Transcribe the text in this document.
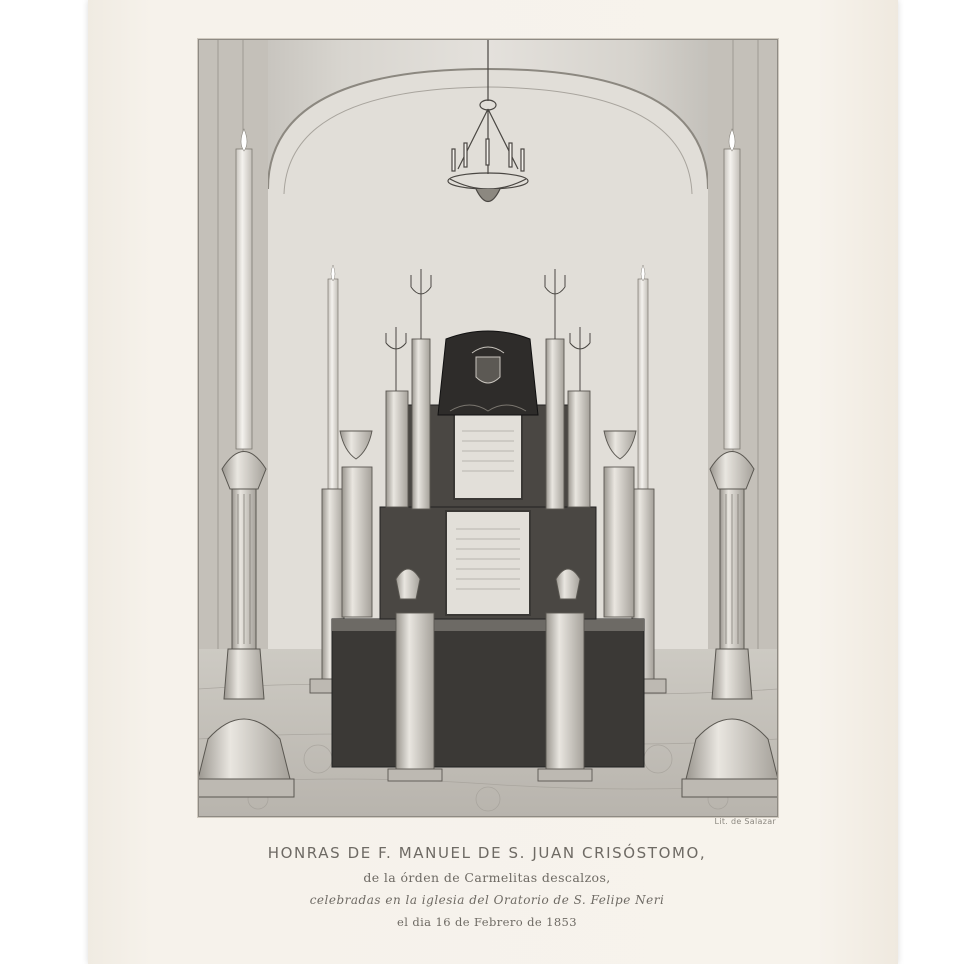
Lit. de Salazar
HONRAS DE F. MANUEL DE S. JUAN CRISÓSTOMO,
de la órden de Carmelitas descalzos,
celebradas en la iglesia del Oratorio de S. Felipe Neri
el dia 16 de Febrero de 1853
